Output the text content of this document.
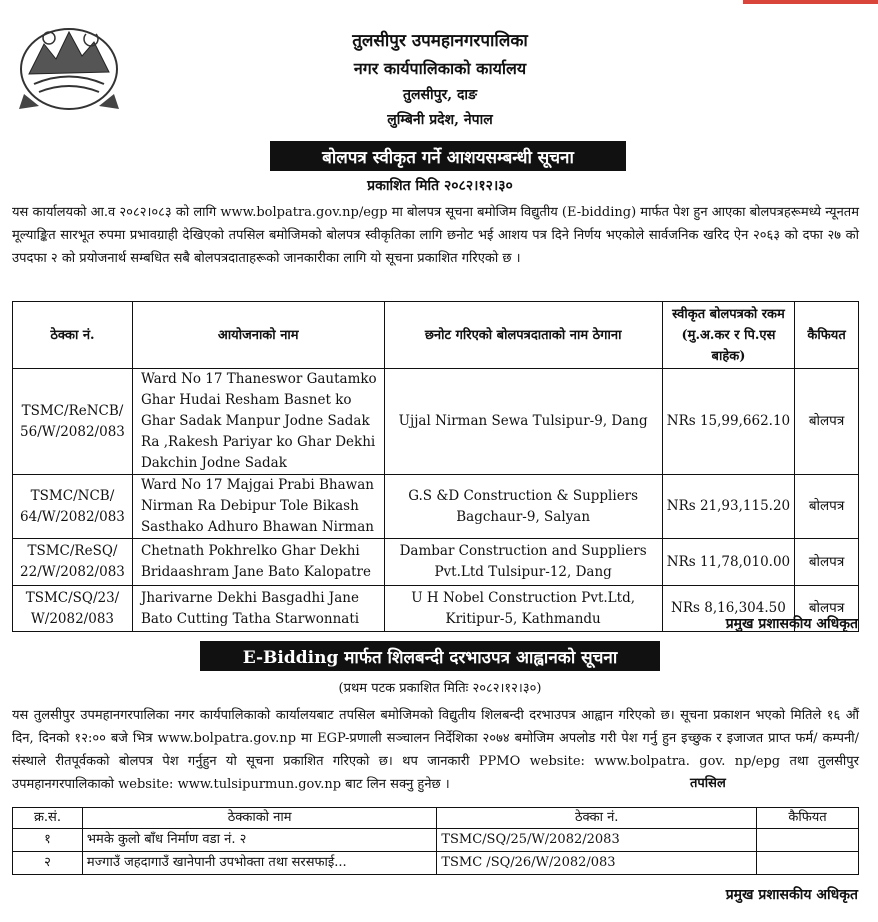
तुलसीपुर उपमहानगरपालिका
नगर कार्यपालिकाको कार्यालय
तुलसीपुर, दाङ
लुम्बिनी प्रदेश, नेपाल
बोलपत्र स्वीकृत गर्ने आशयसम्बन्धी सूचना
प्रकाशित मिति २०८२।१२।३०
यस कार्यालयको आ.व २०८२।०८३ को लागि www.bolpatra.gov.np/egp मा बोलपत्र सूचना बमोजिम विद्युतीय (E-bidding) मार्फत पेश हुन आएका बोलपत्रहरूमध्ये न्यूनतम मूल्याङ्कित सारभूत रुपमा प्रभावग्राही देखिएको तपसिल बमोजिमको बोलपत्र स्वीकृतिका लागि छनोट भई आशय पत्र दिने निर्णय भएकोले सार्वजनिक खरिद ऐन २०६३ को दफा २७ को उपदफा २ को प्रयोजनार्थ सम्बधित सबै बोलपत्रदाताहरूको जानकारीका लागि यो सूचना प्रकाशित गरिएको छ ।
ठेक्का नं.	आयोजनाको नाम	छनोट गरिएको बोलपत्रदाताको नाम ठेगाना	स्वीकृत बोलपत्रको रकम (मु.अ.कर र पि.एस बाहेक)	कैफियत
TSMC/ReNCB/ 56/W/2082/083	Ward No 17 Thaneswor Gautamko Ghar Hudai Resham Basnet ko Ghar Sadak Manpur Jodne Sadak Ra ,Rakesh Pariyar ko Ghar Dekhi Dakchin Jodne Sadak	Ujjal Nirman Sewa Tulsipur-9, Dang	NRs 15,99,662.10	बोलपत्र
TSMC/NCB/ 64/W/2082/083	Ward No 17 Majgai Prabi Bhawan Nirman Ra Debipur Tole Bikash Sasthako Adhuro Bhawan Nirman	G.S &D Construction & Suppliers Bagchaur-9, Salyan	NRs 21,93,115.20	बोलपत्र
TSMC/ReSQ/ 22/W/2082/083	Chetnath Pokhrelko Ghar Dekhi Bridaashram Jane Bato Kalopatre	Dambar Construction and Suppliers Pvt.Ltd Tulsipur-12, Dang	NRs 11,78,010.00	बोलपत्र
TSMC/SQ/23/ W/2082/083	Jharivarne Dekhi Basgadhi Jane Bato Cutting Tatha Starwonnati	U H Nobel Construction Pvt.Ltd, Kritipur-5, Kathmandu	NRs 8,16,304.50	बोलपत्र
प्रमुख प्रशासकीय अधिकृत
E-Bidding मार्फत शिलबन्दी दरभाउपत्र आह्वानको सूचना
(प्रथम पटक प्रकाशित मितिः २०८२।१२।३०)
यस तुलसीपुर उपमहानगरपालिका नगर कार्यपालिकाको कार्यालयबाट तपसिल बमोजिमको विद्युतीय शिलबन्दी दरभाउपत्र आह्वान गरिएको छ। सूचना प्रकाशन भएको मितिले १६ औं दिन, दिनको १२:०० बजे भित्र www.bolpatra.gov.np मा EGP-प्रणाली सञ्चालन निर्देशिका २०७४ बमोजिम अपलोड गरी पेश गर्नु हुन इच्छुक र इजाजत प्राप्त फर्म/ कम्पनी/ संस्थाले रीतपूर्वकको बोलपत्र पेश गर्नुहुन यो सूचना प्रकाशित गरिएको छ। थप जानकारी PPMO website: www.bolpatra. gov. np/epg तथा तुलसीपुर उपमहानगरपालिकाको website: www.tulsipurmun.gov.np बाट लिन सक्नु हुनेछ ।	तपसिल
क्र.सं.	ठेक्काको नाम	ठेक्का नं.	कैफियत
१	भमके कुलो बाँध निर्माण वडा नं. २	TSMC/SQ/25/W/2082/2083	
२	मज्गाउँ जहदागाउँ खानेपानी उपभोक्ता तथा सरसफाई...	TSMC /SQ/26/W/2082/083	
प्रमुख प्रशासकीय अधिकृत
